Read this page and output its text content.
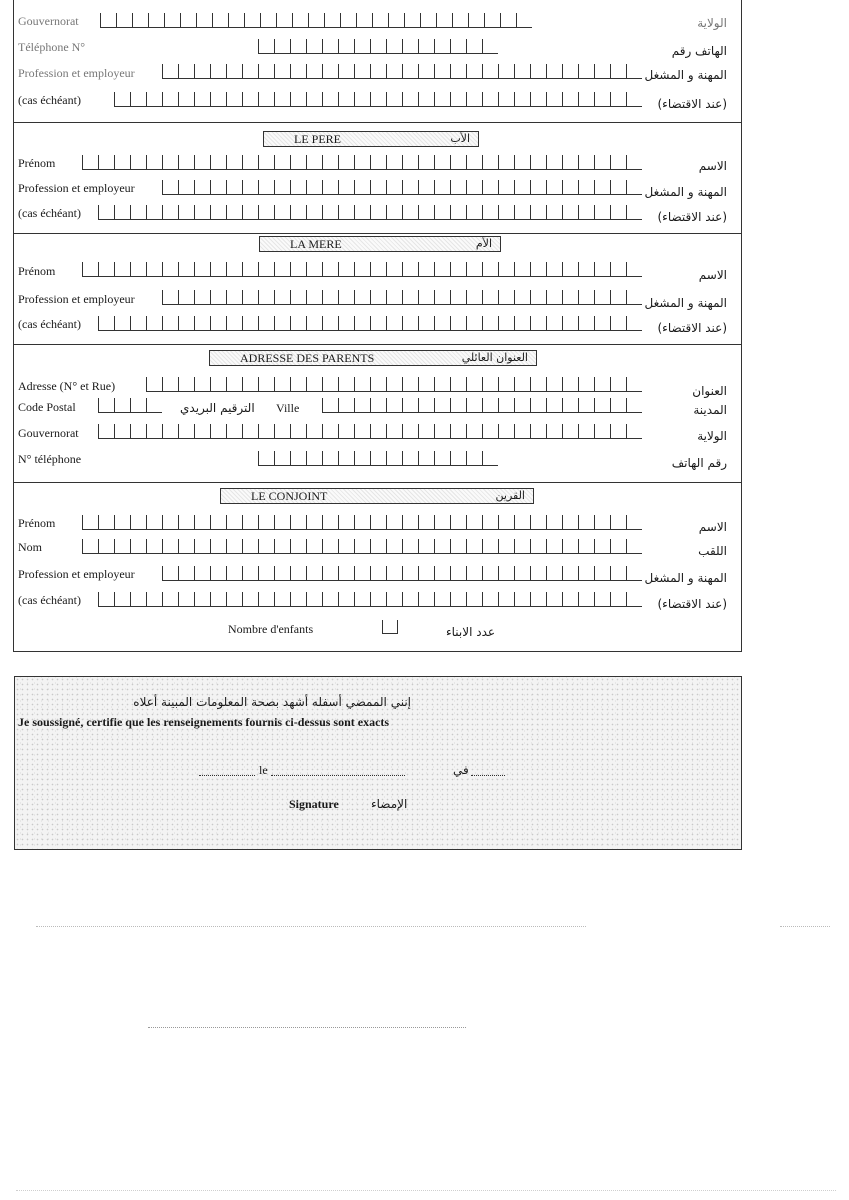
Gouvernorat	الولاية
Téléphone N°	الهاتف رقم
Profession et employeur	المهنة و المشغل
(cas échéant)	(عند الاقتضاء)
LE PERE	الأب
Prénom	الاسم
Profession et employeur	المهنة و المشغل
(cas échéant)	(عند الاقتضاء)
LA MERE	الأم
Prénom	الاسم
Profession et employeur	المهنة و المشغل
(cas échéant)	(عند الاقتضاء)
ADRESSE DES PARENTS	العنوان العائلي
Adresse (N° et Rue)	العنوان
Code Postal	الترقيم البريدي Ville	المدينة
Gouvernorat	الولاية
N° téléphone	رقم الهاتف
LE CONJOINT	القرين
Prénom	الاسم
Nom	اللقب
Profession et employeur	المهنة و المشغل
(cas échéant)	(عند الاقتضاء)
Nombre d'enfants	عدد الابناء
إنني الممضي أسفله أشهد بصحة المعلومات المبينة أعلاه
Je soussigné, certifie que les renseignements fournis ci-dessus sont exacts
le	في
Signature	الإمضاء
